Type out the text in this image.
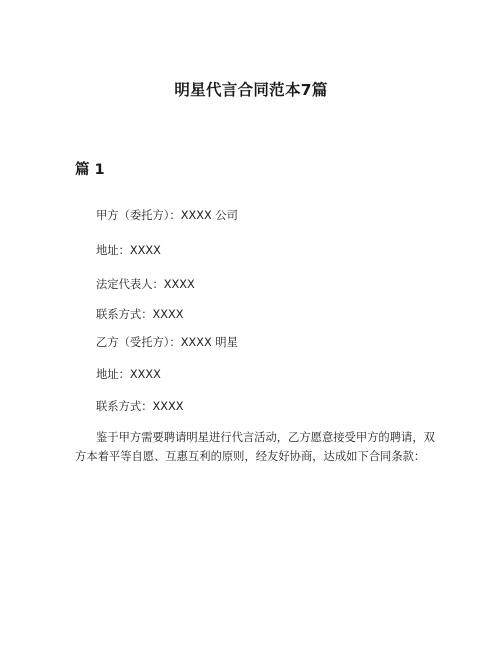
明星代言合同范本7篇
篇 1
甲方（委托方）：XXXX 公司
地址：XXXX
法定代表人：XXXX
联系方式：XXXX
乙方（受托方）：XXXX 明星
地址：XXXX
联系方式：XXXX
鉴于甲方需要聘请明星进行代言活动，乙方愿意接受甲方的聘请，双方本着平等自愿、互惠互利的原则，经友好协商，达成如下合同条款：
